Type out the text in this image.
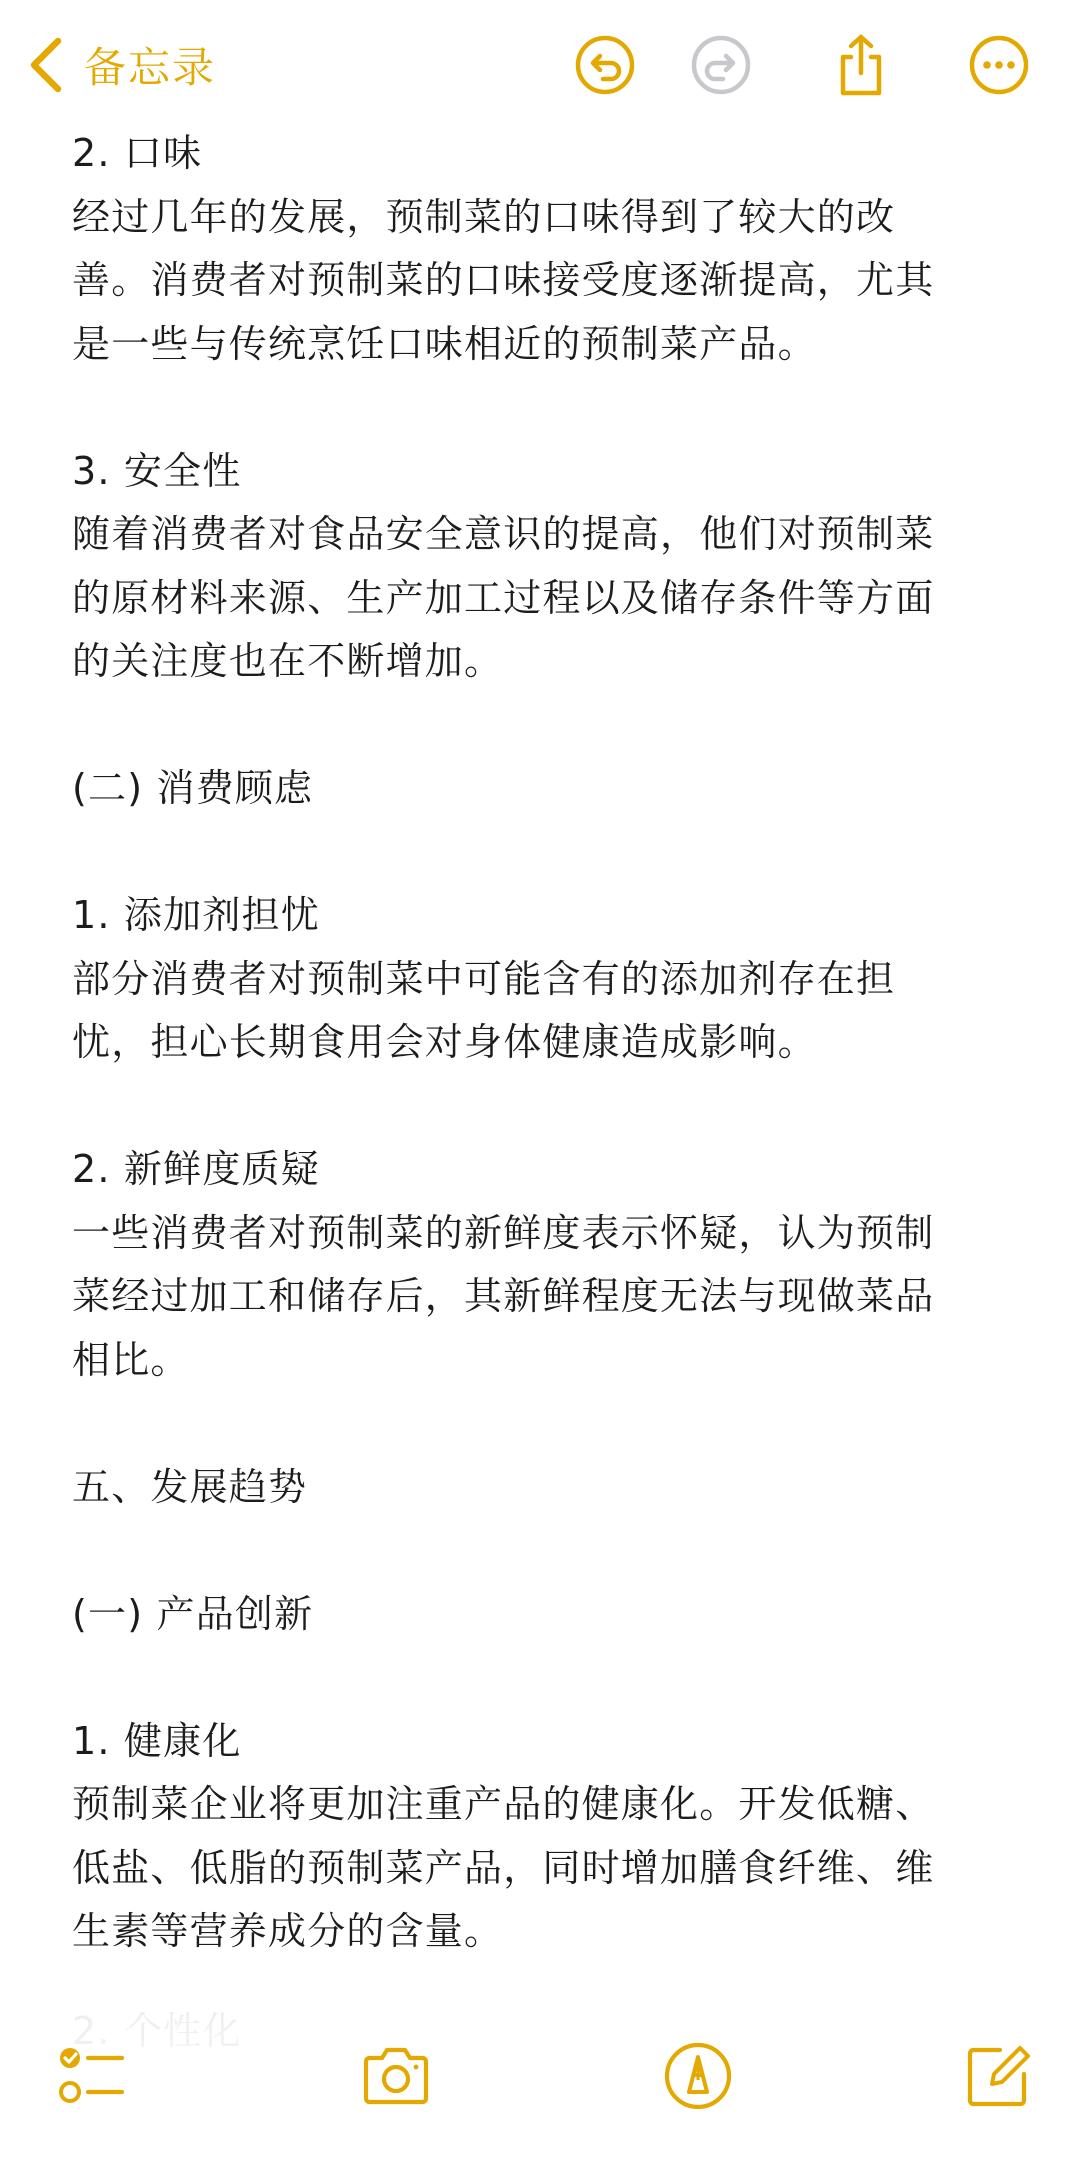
备忘录

2. 口味

经过几年的发展，预制菜的口味得到了较大的改

善。消费者对预制菜的口味接受度逐渐提高，尤其

是一些与传统烹饪口味相近的预制菜产品。

3. 安全性

随着消费者对食品安全意识的提高，他们对预制菜

的原材料来源、生产加工过程以及储存条件等方面

的关注度也在不断增加。

(二) 消费顾虑

1. 添加剂担忧

部分消费者对预制菜中可能含有的添加剂存在担

忧，担心长期食用会对身体健康造成影响。

2. 新鲜度质疑

一些消费者对预制菜的新鲜度表示怀疑，认为预制

菜经过加工和储存后，其新鲜程度无法与现做菜品

相比。

五、发展趋势

(一) 产品创新

1. 健康化

预制菜企业将更加注重产品的健康化。开发低糖、

低盐、低脂的预制菜产品，同时增加膳食纤维、维

生素等营养成分的含量。
